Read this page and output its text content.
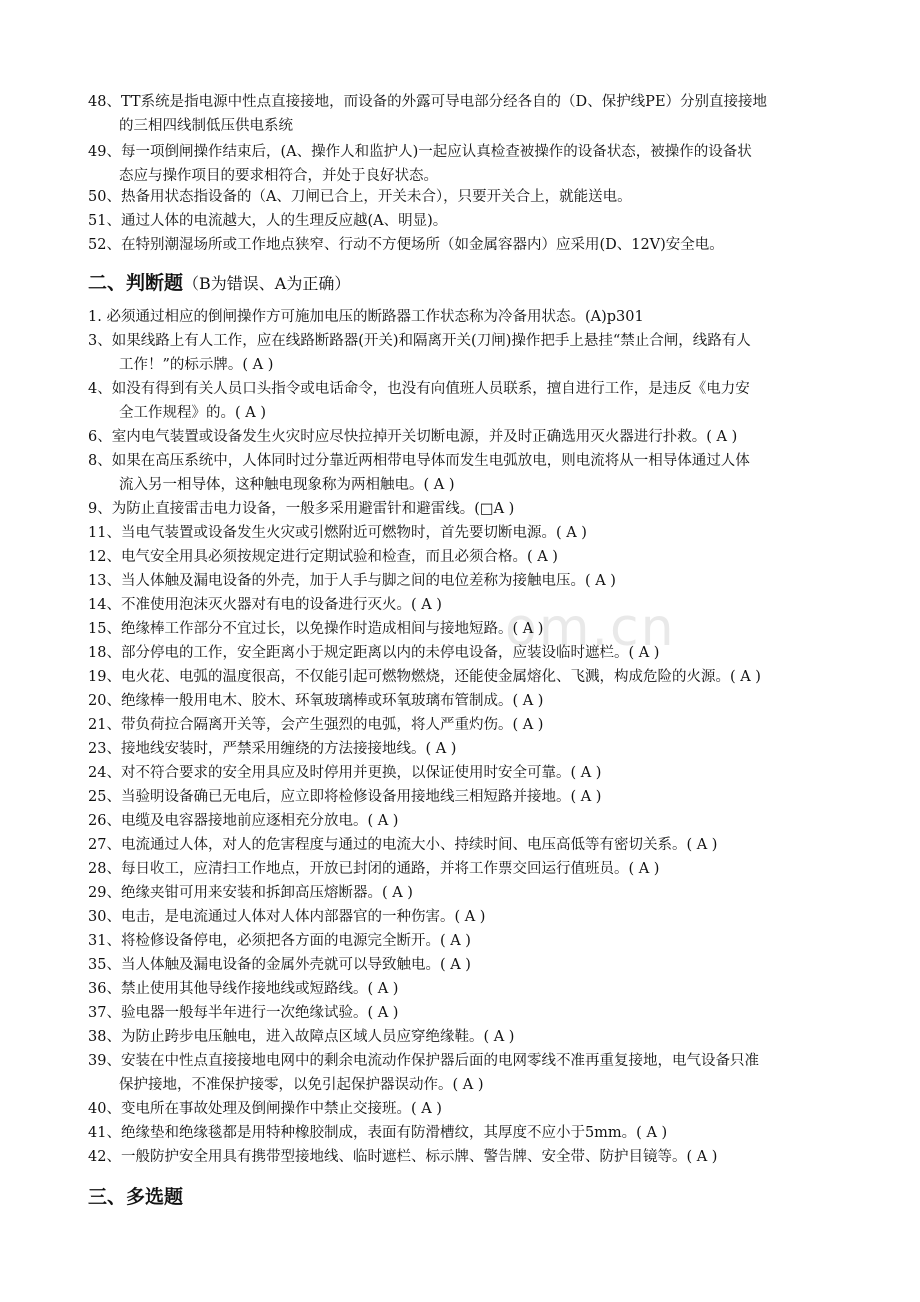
om.cn
48、TT系统是指电源中性点直接接地，而设备的外露可导电部分经各自的（D、保护线PE）分别直接接地
的三相四线制低压供电系统
49、每一项倒闸操作结束后，(A、操作人和监护人)一起应认真检查被操作的设备状态，被操作的设备状
态应与操作项目的要求相符合，并处于良好状态。
50、热备用状态指设备的（A、刀闸已合上，开关未合），只要开关合上，就能送电。
51、通过人体的电流越大，人的生理反应越(A、明显)。
52、在特别潮湿场所或工作地点狭窄、行动不方便场所（如金属容器内）应采用(D、12V)安全电。
二、判断题（B为错误、A为正确）
1. 必须通过相应的倒闸操作方可施加电压的断路器工作状态称为冷备用状态。(A)p301
3、如果线路上有人工作，应在线路断路器(开关)和隔离开关(刀闸)操作把手上悬挂“禁止合闸，线路有人
工作！”的标示牌。( A )
4、如没有得到有关人员口头指令或电话命令，也没有向值班人员联系，擅自进行工作，是违反《电力安
全工作规程》的。( A )
6、室内电气装置或设备发生火灾时应尽快拉掉开关切断电源，并及时正确选用灭火器进行扑救。( A )
8、如果在高压系统中，人体同时过分靠近两相带电导体而发生电弧放电，则电流将从一相导体通过人体
流入另一相导体，这种触电现象称为两相触电。( A )
9、为防止直接雷击电力设备，一般多采用避雷针和避雷线。(□A )
11、当电气装置或设备发生火灾或引燃附近可燃物时，首先要切断电源。( A )
12、电气安全用具必须按规定进行定期试验和检查，而且必须合格。( A )
13、当人体触及漏电设备的外壳，加于人手与脚之间的电位差称为接触电压。( A )
14、不准使用泡沫灭火器对有电的设备进行灭火。( A )
15、绝缘棒工作部分不宜过长，以免操作时造成相间与接地短路。( A )
18、部分停电的工作，安全距离小于规定距离以内的未停电设备，应装设临时遮栏。( A )
19、电火花、电弧的温度很高，不仅能引起可燃物燃烧，还能使金属熔化、飞溅，构成危险的火源。( A )
20、绝缘棒一般用电木、胶木、环氧玻璃棒或环氧玻璃布管制成。( A )
21、带负荷拉合隔离开关等，会产生强烈的电弧，将人严重灼伤。( A )
23、接地线安装时，严禁采用缠绕的方法接接地线。( A )
24、对不符合要求的安全用具应及时停用并更换，以保证使用时安全可靠。( A )
25、当验明设备确已无电后，应立即将检修设备用接地线三相短路并接地。( A )
26、电缆及电容器接地前应逐相充分放电。( A )
27、电流通过人体，对人的危害程度与通过的电流大小、持续时间、电压高低等有密切关系。( A )
28、每日收工，应清扫工作地点，开放已封闭的通路，并将工作票交回运行值班员。( A )
29、绝缘夹钳可用来安装和拆卸高压熔断器。( A )
30、电击，是电流通过人体对人体内部器官的一种伤害。( A )
31、将检修设备停电，必须把各方面的电源完全断开。( A )
35、当人体触及漏电设备的金属外壳就可以导致触电。( A )
36、禁止使用其他导线作接地线或短路线。( A )
37、验电器一般每半年进行一次绝缘试验。( A )
38、为防止跨步电压触电，进入故障点区域人员应穿绝缘鞋。( A )
39、安装在中性点直接接地电网中的剩余电流动作保护器后面的电网零线不准再重复接地，电气设备只准
保护接地，不准保护接零，以免引起保护器误动作。( A )
40、变电所在事故处理及倒闸操作中禁止交接班。( A )
41、绝缘垫和绝缘毯都是用特种橡胶制成，表面有防滑槽纹，其厚度不应小于5mm。( A )
42、一般防护安全用具有携带型接地线、临时遮栏、标示牌、警告牌、安全带、防护目镜等。( A )
三、多选题
